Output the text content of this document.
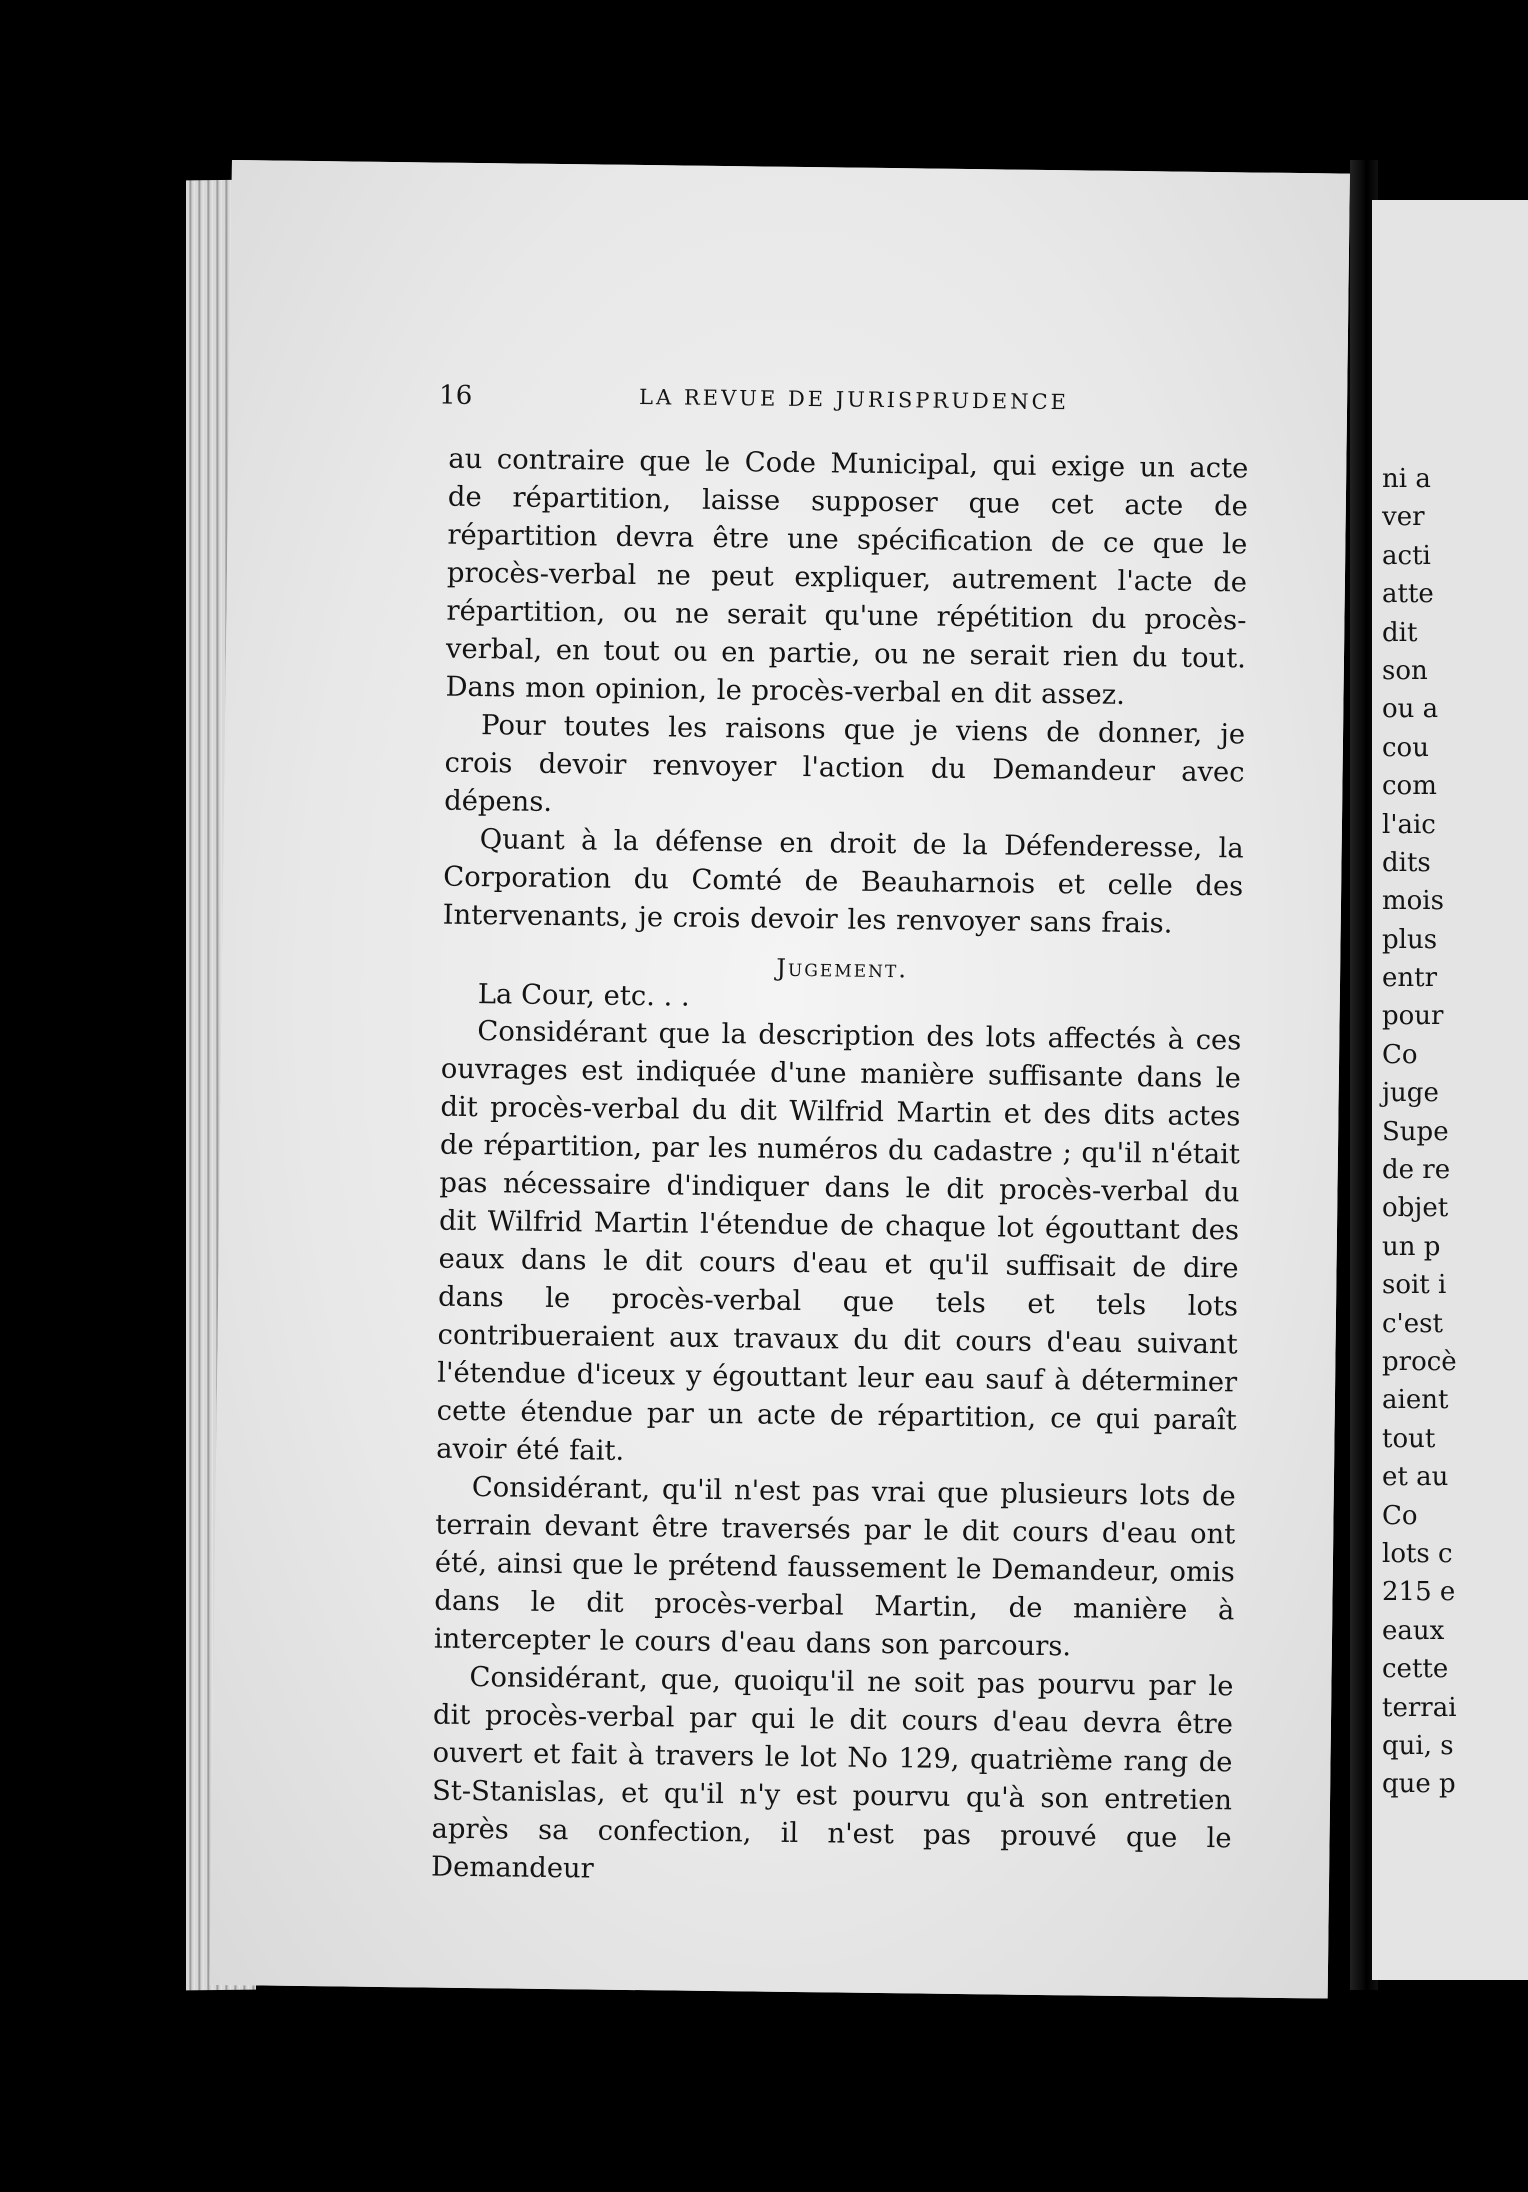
16	LA REVUE DE JURISPRUDENCE

au contraire que le Code Municipal, qui exige un acte de répartition, laisse supposer que cet acte de répartition devra être une spécification de ce que le procès-verbal ne peut expliquer, autrement l'acte de répartition, ou ne serait qu'une répétition du procès-verbal, en tout ou en partie, ou ne serait rien du tout. Dans mon opinion, le procès-verbal en dit assez.

Pour toutes les raisons que je viens de donner, je crois devoir renvoyer l'action du Demandeur avec dépens.

Quant à la défense en droit de la Défenderesse, la Corporation du Comté de Beauharnois et celle des Intervenants, je crois devoir les renvoyer sans frais.

Jugement.
La Cour, etc. . .

Considérant que la description des lots affectés à ces ouvrages est indiquée d'une manière suffisante dans le dit procès-verbal du dit Wilfrid Martin et des dits actes de répartition, par les numéros du cadastre ; qu'il n'était pas nécessaire d'indiquer dans le dit procès-verbal du dit Wilfrid Martin l'étendue de chaque lot égouttant des eaux dans le dit cours d'eau et qu'il suffisait de dire dans le procès-verbal que tels et tels lots contribueraient aux travaux du dit cours d'eau suivant l'étendue d'iceux y égouttant leur eau sauf à déterminer cette étendue par un acte de répartition, ce qui paraît avoir été fait.

Considérant, qu'il n'est pas vrai que plusieurs lots de terrain devant être traversés par le dit cours d'eau ont été, ainsi que le prétend faussement le Demandeur, omis dans le dit procès-verbal Martin, de manière à intercepter le cours d'eau dans son parcours.

Considérant, que, quoiqu'il ne soit pas pourvu par le dit procès-verbal par qui le dit cours d'eau devra être ouvert et fait à travers le lot No 129, quatrième rang de St-Stanislas, et qu'il n'y est pourvu qu'à son entretien après sa confection, il n'est pas prouvé que le Demandeur

ni a
ver
acti
atte
dit
son
ou a
cou
com
l'aic
dits
mois
plus
entr
pour
Co
juge
Supe
de re
objet
un p
soit i
c'est
procè
aient
tout
et au
Co
lots c
215 e
eaux
cette
terrai
qui, s
que p
